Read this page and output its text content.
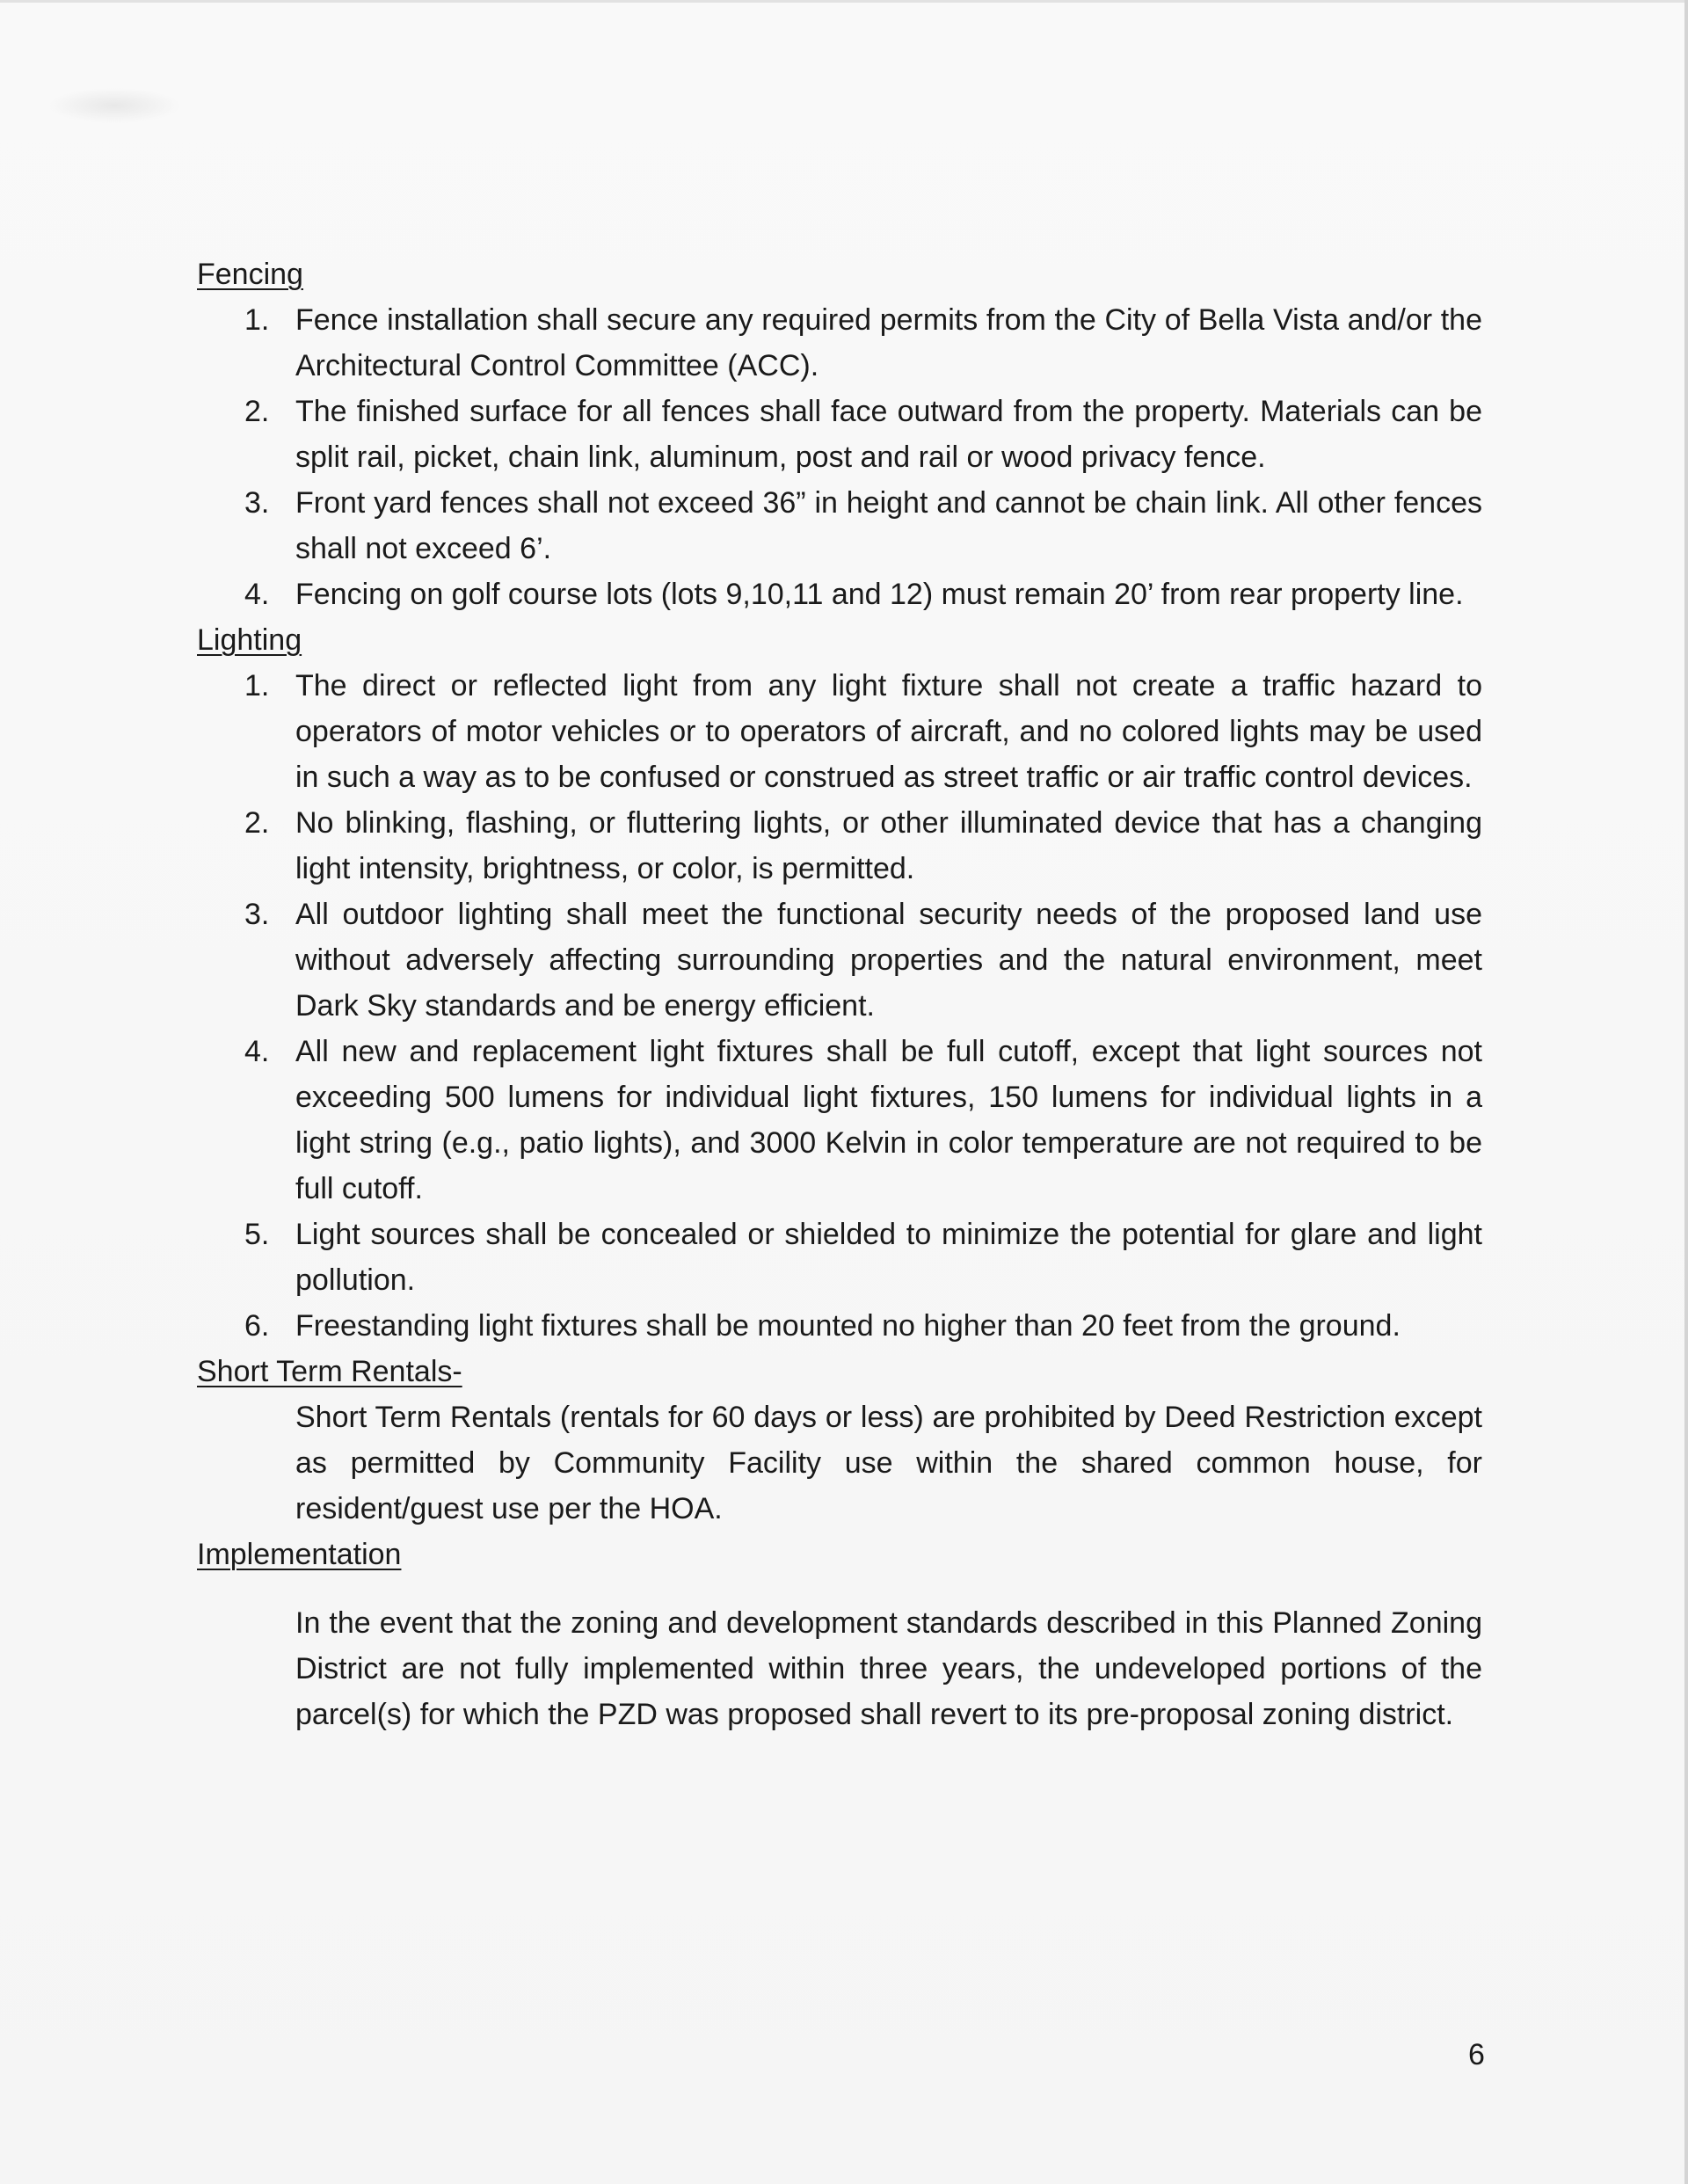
Fencing
1. Fence installation shall secure any required permits from the City of Bella Vista and/or the Architectural Control Committee (ACC).
2. The finished surface for all fences shall face outward from the property. Materials can be split rail, picket, chain link, aluminum, post and rail or wood privacy fence.
3. Front yard fences shall not exceed 36” in height and cannot be chain link. All other fences shall not exceed 6’.
4. Fencing on golf course lots (lots 9,10,11 and 12) must remain 20’ from rear property line.
Lighting
1. The direct or reflected light from any light fixture shall not create a traffic hazard to operators of motor vehicles or to operators of aircraft, and no colored lights may be used in such a way as to be confused or construed as street traffic or air traffic control devices.
2. No blinking, flashing, or fluttering lights, or other illuminated device that has a changing light intensity, brightness, or color, is permitted.
3. All outdoor lighting shall meet the functional security needs of the proposed land use without adversely affecting surrounding properties and the natural environment, meet Dark Sky standards and be energy efficient.
4. All new and replacement light fixtures shall be full cutoff, except that light sources not exceeding 500 lumens for individual light fixtures, 150 lumens for individual lights in a light string (e.g., patio lights), and 3000 Kelvin in color temperature are not required to be full cutoff.
5. Light sources shall be concealed or shielded to minimize the potential for glare and light pollution.
6. Freestanding light fixtures shall be mounted no higher than 20 feet from the ground.
Short Term Rentals-
Short Term Rentals (rentals for 60 days or less) are prohibited by Deed Restriction except as permitted by Community Facility use within the shared common house, for resident/guest use per the HOA.
Implementation
In the event that the zoning and development standards described in this Planned Zoning District are not fully implemented within three years, the undeveloped portions of the parcel(s) for which the PZD was proposed shall revert to its pre-proposal zoning district.
6
